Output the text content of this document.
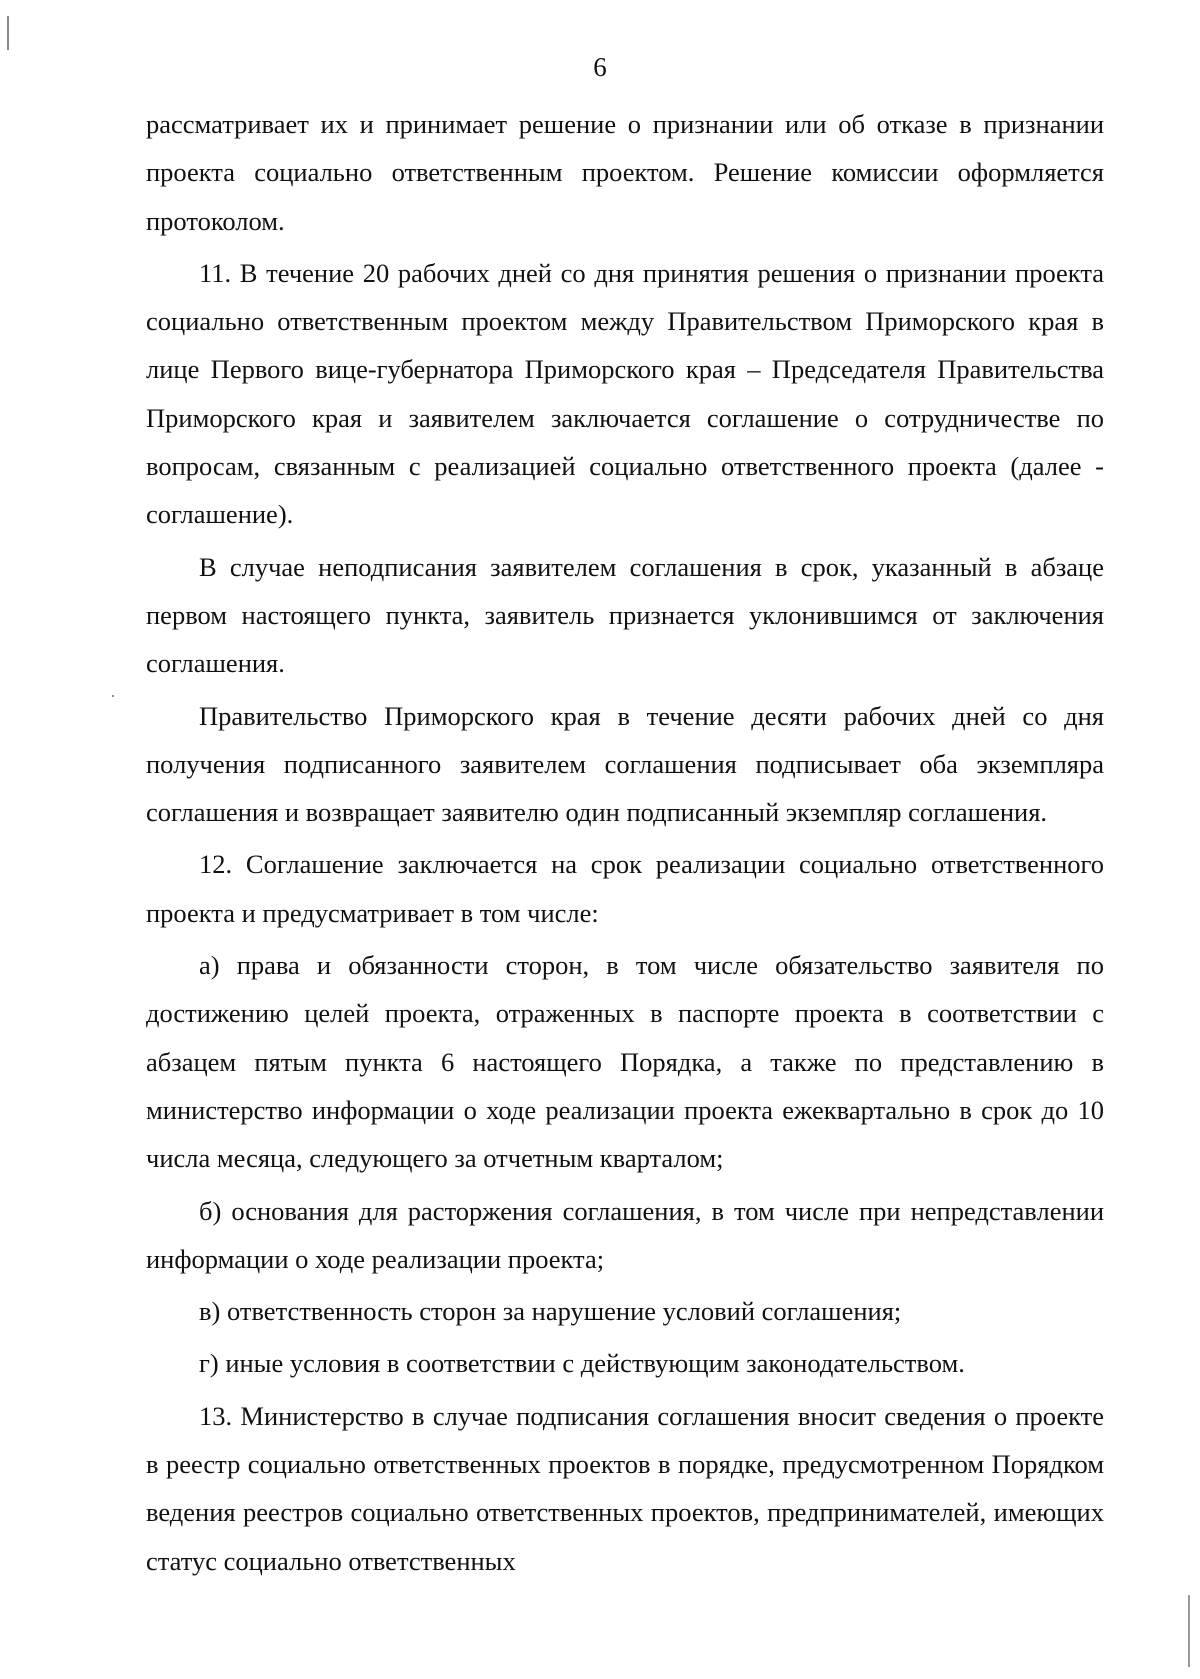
6

рассматривает их и принимает решение о признании или об отказе в признании проекта социально ответственным проектом. Решение комиссии оформляется протоколом.

11. В течение 20 рабочих дней со дня принятия решения о признании проекта социально ответственным проектом между Правительством Приморского края в лице Первого вице-губернатора Приморского края – Председателя Правительства Приморского края и заявителем заключается соглашение о сотрудничестве по вопросам, связанным с реализацией социально ответственного проекта (далее - соглашение).

В случае неподписания заявителем соглашения в срок, указанный в абзаце первом настоящего пункта, заявитель признается уклонившимся от заключения соглашения.

Правительство Приморского края в течение десяти рабочих дней со дня получения подписанного заявителем соглашения подписывает оба экземпляра соглашения и возвращает заявителю один подписанный экземпляр соглашения.

12. Соглашение заключается на срок реализации социально ответственного проекта и предусматривает в том числе:

а) права и обязанности сторон, в том числе обязательство заявителя по достижению целей проекта, отраженных в паспорте проекта в соответствии с абзацем пятым пункта 6 настоящего Порядка, а также по представлению в министерство информации о ходе реализации проекта ежеквартально в срок до 10 числа месяца, следующего за отчетным кварталом;

б) основания для расторжения соглашения, в том числе при непредставлении информации о ходе реализации проекта;

в) ответственность сторон за нарушение условий соглашения;

г) иные условия в соответствии с действующим законодательством.

13. Министерство в случае подписания соглашения вносит сведения о проекте в реестр социально ответственных проектов в порядке, предусмотренном Порядком ведения реестров социально ответственных проектов, предпринимателей, имеющих статус социально ответственных
